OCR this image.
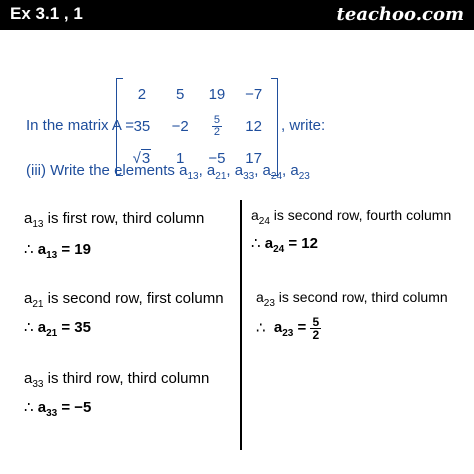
Ex 3.1 , 1	teachoo.com
In the matrix A =
2	5	19	−7
35	−2	$\frac{5}{2}$	12
√3	1	−5	17
, write:
(iii) Write the elements $a_{13}$, $a_{21}$, $a_{33}$, $a_{24}$, $a_{23}$
$a_{13}$ is first row, third column
∴ $a_{13} = 19$
$a_{21}$ is second row, first column
∴ $a_{21} = 35$
$a_{33}$ is third row, third column
∴ $a_{33} = -5$
$a_{24}$ is second row, fourth column
∴ $a_{24} = 12$
$a_{23}$ is second row, third column
∴ $a_{23} = \frac{5}{2}$
